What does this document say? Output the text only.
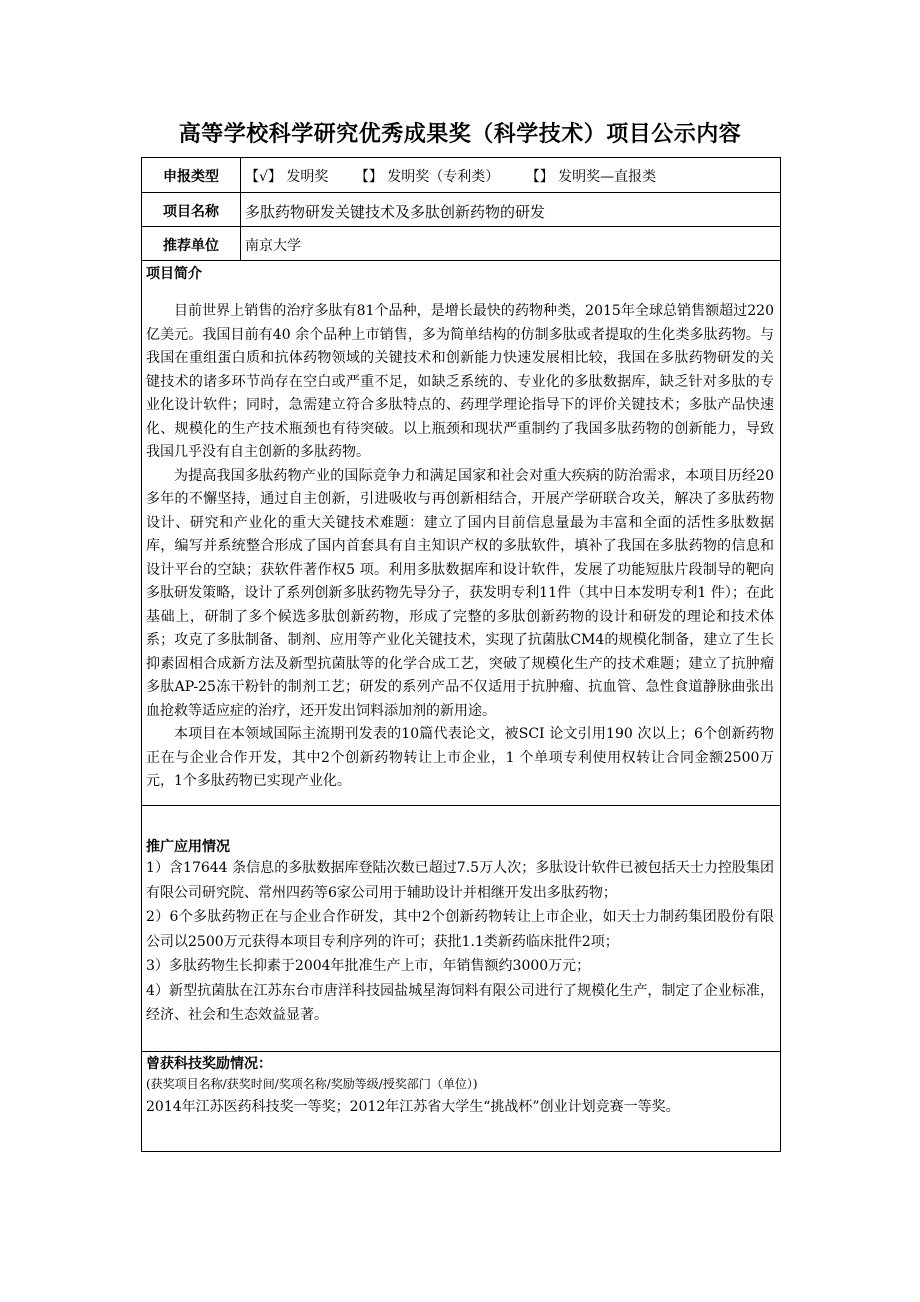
高等学校科学研究优秀成果奖（科学技术）项目公示内容
申报类型	【√】 发明奖 【】 发明奖（专利类） 【】 发明奖—直报类
项目名称	多肽药物研发关键技术及多肽创新药物的研发
推荐单位	南京大学
项目简介

目前世界上销售的治疗多肽有81个品种，是增长最快的药物种类，2015年全球总销售额超过220亿美元。我国目前有40 余个品种上市销售，多为简单结构的仿制多肽或者提取的生化类多肽药物。与我国在重组蛋白质和抗体药物领域的关键技术和创新能力快速发展相比较，我国在多肽药物研发的关键技术的诸多环节尚存在空白或严重不足，如缺乏系统的、专业化的多肽数据库，缺乏针对多肽的专业化设计软件；同时，急需建立符合多肽特点的、药理学理论指导下的评价关键技术；多肽产品快速化、规模化的生产技术瓶颈也有待突破。以上瓶颈和现状严重制约了我国多肽药物的创新能力，导致我国几乎没有自主创新的多肽药物。

为提高我国多肽药物产业的国际竞争力和满足国家和社会对重大疾病的防治需求，本项目历经20多年的不懈坚持，通过自主创新，引进吸收与再创新相结合，开展产学研联合攻关，解决了多肽药物设计、研究和产业化的重大关键技术难题：建立了国内目前信息量最为丰富和全面的活性多肽数据库，编写并系统整合形成了国内首套具有自主知识产权的多肽软件，填补了我国在多肽药物的信息和设计平台的空缺；获软件著作权5 项。利用多肽数据库和设计软件，发展了功能短肽片段制导的靶向多肽研发策略，设计了系列创新多肽药物先导分子，获发明专利11件（其中日本发明专利1 件）；在此基础上，研制了多个候选多肽创新药物，形成了完整的多肽创新药物的设计和研发的理论和技术体系；攻克了多肽制备、制剂、应用等产业化关键技术，实现了抗菌肽CM4的规模化制备，建立了生长抑素固相合成新方法及新型抗菌肽等的化学合成工艺，突破了规模化生产的技术难题；建立了抗肿瘤多肽AP-25冻干粉针的制剂工艺；研发的系列产品不仅适用于抗肿瘤、抗血管、急性食道静脉曲张出血抢救等适应症的治疗，还开发出饲料添加剂的新用途。

本项目在本领域国际主流期刊发表的10篇代表论文，被SCI 论文引用190 次以上；6个创新药物正在与企业合作开发，其中2个创新药物转让上市企业，1 个单项专利使用权转让合同金额2500万元，1个多肽药物已实现产业化。

推广应用情况
1）含17644 条信息的多肽数据库登陆次数已超过7.5万人次；多肽设计软件已被包括天士力控股集团有限公司研究院、常州四药等6家公司用于辅助设计并相继开发出多肽药物；
2）6个多肽药物正在与企业合作研发，其中2个创新药物转让上市企业，如天士力制药集团股份有限公司以2500万元获得本项目专利序列的许可；获批1.1类新药临床批件2项；
3）多肽药物生长抑素于2004年批准生产上市，年销售额约3000万元；
4）新型抗菌肽在江苏东台市唐洋科技园盐城星海饲料有限公司进行了规模化生产，制定了企业标准，经济、社会和生态效益显著。
曾获科技奖励情况：
(获奖项目名称/获奖时间/奖项名称/奖励等级/授奖部门（单位）)
2014年江苏医药科技奖一等奖；2012年江苏省大学生“挑战杯”创业计划竞赛一等奖。
